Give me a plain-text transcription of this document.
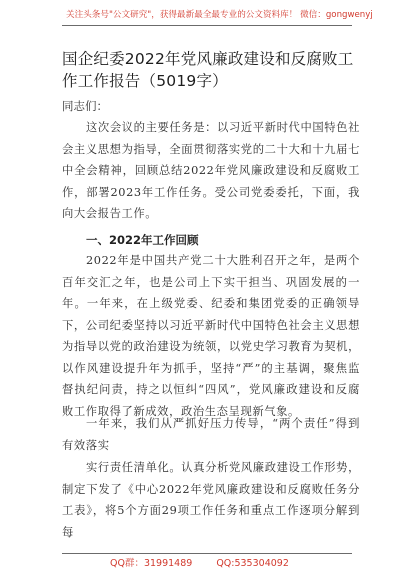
关注头条号"公文研究"，获得最新最全最专业的公文资料库！ 微信：gongwenyj
国企纪委2022年党风廉政建设和反腐败工作工作报告（5019字）
同志们：

这次会议的主要任务是：以习近平新时代中国特色社会主义思想为指导，全面贯彻落实党的二十大和十九届七中全会精神，回顾总结2022年党风廉政建设和反腐败工作，部署2023年工作任务。受公司党委委托，下面，我向大会报告工作。

一、2022年工作回顾

2022年是中国共产党二十大胜利召开之年，是两个百年交汇之年，也是公司上下实干担当、巩固发展的一年。一年来，在上级党委、纪委和集团党委的正确领导下，公司纪委坚持以习近平新时代中国特色社会主义思想为指导以党的政治建设为统领，以党史学习教育为契机，以作风建设提升年为抓手，坚持“严”的主基调，聚焦监督执纪问责，持之以恒纠“四风”，党风廉政建设和反腐败工作取得了新成效，政治生态呈现新气象。

一年来，我们从严抓好压力传导，“两个责任”得到有效落实

实行责任清单化。认真分析党风廉政建设工作形势，制定下发了《中心2022年党风廉政建设和反腐败任务分工表》，将5个方面29项工作任务和重点工作逐项分解到每

QQ群：31991489	QQ:535304092
